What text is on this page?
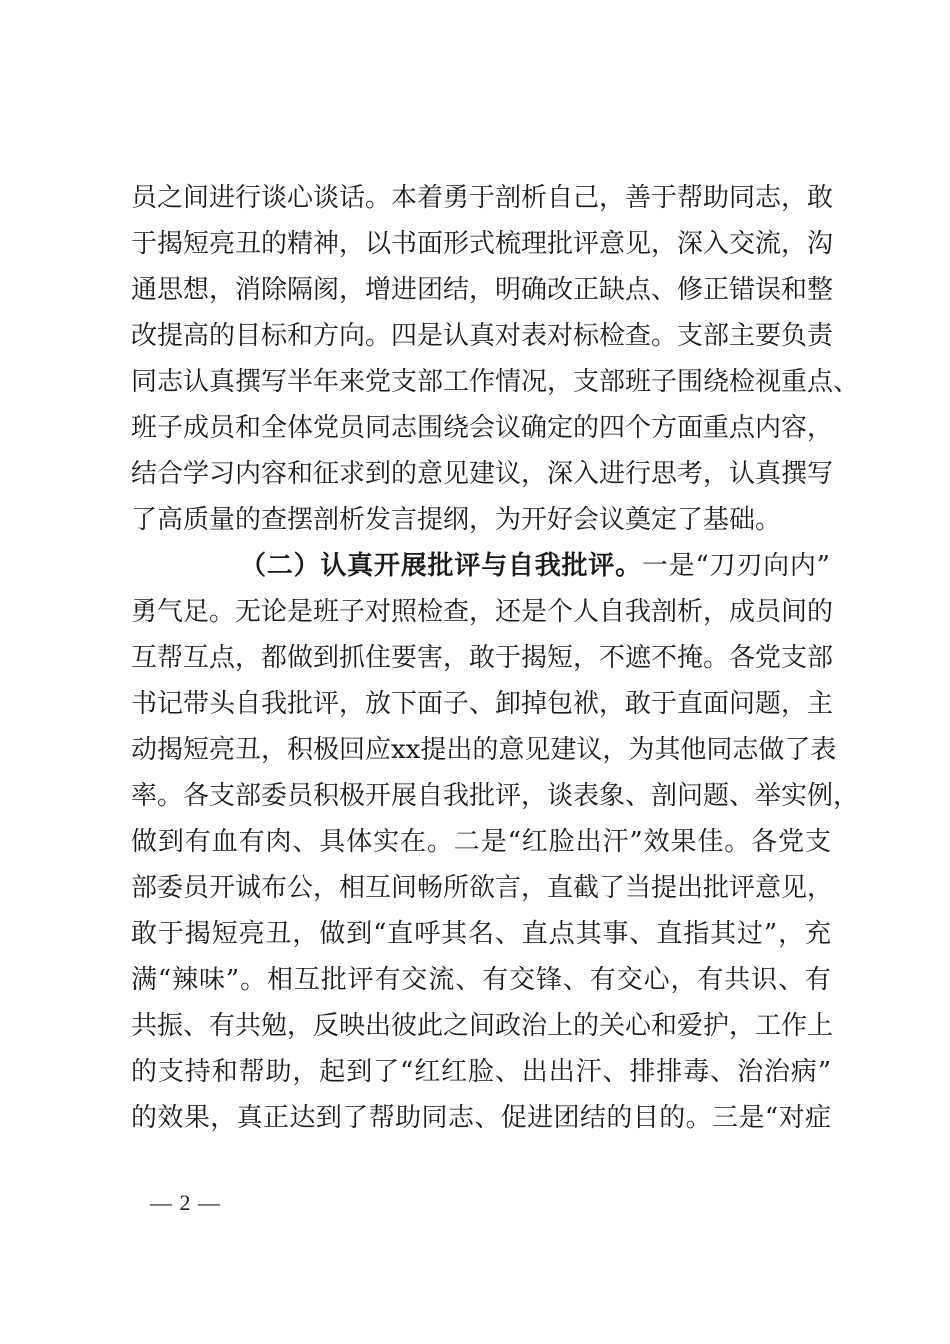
员之间进行谈心谈话。本着勇于剖析自己，善于帮助同志，敢
于揭短亮丑的精神，以书面形式梳理批评意见，深入交流，沟
通思想，消除隔阂，增进团结，明确改正缺点、修正错误和整
改提高的目标和方向。四是认真对表对标检查。支部主要负责
同志认真撰写半年来党支部工作情况，支部班子围绕检视重点、
班子成员和全体党员同志围绕会议确定的四个方面重点内容，
结合学习内容和征求到的意见建议，深入进行思考，认真撰写
了高质量的查摆剖析发言提纲，为开好会议奠定了基础。
（二）认真开展批评与自我批评。一是“刀刃向内”
勇气足。无论是班子对照检查，还是个人自我剖析，成员间的
互帮互点，都做到抓住要害，敢于揭短，不遮不掩。各党支部
书记带头自我批评，放下面子、卸掉包袱，敢于直面问题，主
动揭短亮丑，积极回应xx提出的意见建议，为其他同志做了表
率。各支部委员积极开展自我批评，谈表象、剖问题、举实例，
做到有血有肉、具体实在。二是“红脸出汗”效果佳。各党支
部委员开诚布公，相互间畅所欲言，直截了当提出批评意见，
敢于揭短亮丑，做到“直呼其名、直点其事、直指其过”，充
满“辣味”。相互批评有交流、有交锋、有交心，有共识、有
共振、有共勉，反映出彼此之间政治上的关心和爱护，工作上
的支持和帮助，起到了“红红脸、出出汗、排排毒、治治病”
的效果，真正达到了帮助同志、促进团结的目的。三是“对症
— 2 —
